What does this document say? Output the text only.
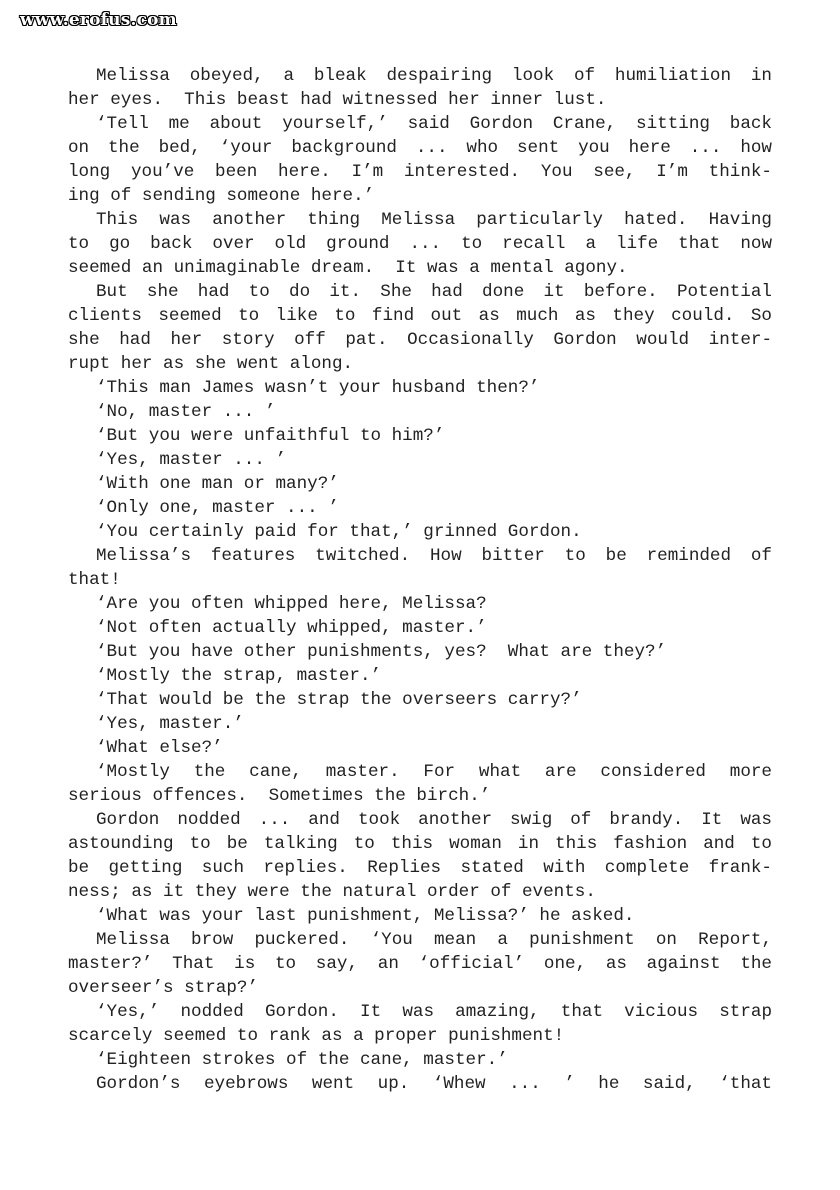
www.erofus.com
Melissa obeyed, a bleak despairing look of humiliation in
her eyes.  This beast had witnessed her inner lust.
‘Tell me about yourself,’ said Gordon Crane, sitting back
on the bed, ‘your background ... who sent you here ... how
long you’ve been here. I’m interested. You see, I’m think-
ing of sending someone here.’
This was another thing Melissa particularly hated. Having
to go back over old ground ... to recall a life that now
seemed an unimaginable dream.  It was a mental agony.
But she had to do it. She had done it before. Potential
clients seemed to like to find out as much as they could. So
she had her story off pat. Occasionally Gordon would inter-
rupt her as she went along.
‘This man James wasn’t your husband then?’
‘No, master ... ’
‘But you were unfaithful to him?’
‘Yes, master ... ’
‘With one man or many?’
‘Only one, master ... ’
‘You certainly paid for that,’ grinned Gordon.
Melissa’s features twitched. How bitter to be reminded of
that!
‘Are you often whipped here, Melissa?
‘Not often actually whipped, master.’
‘But you have other punishments, yes?  What are they?’
‘Mostly the strap, master.’
‘That would be the strap the overseers carry?’
‘Yes, master.’
‘What else?’
‘Mostly the cane, master. For what are considered more
serious offences.  Sometimes the birch.’
Gordon nodded ... and took another swig of brandy. It was
astounding to be talking to this woman in this fashion and to
be getting such replies. Replies stated with complete frank-
ness; as it they were the natural order of events.
‘What was your last punishment, Melissa?’ he asked.
Melissa brow puckered. ‘You mean a punishment on Report,
master?’ That is to say, an ‘official’ one, as against the
overseer’s strap?’
‘Yes,’ nodded Gordon. It was amazing, that vicious strap
scarcely seemed to rank as a proper punishment!
‘Eighteen strokes of the cane, master.’
Gordon’s eyebrows went up. ‘Whew ... ’ he said, ‘that
